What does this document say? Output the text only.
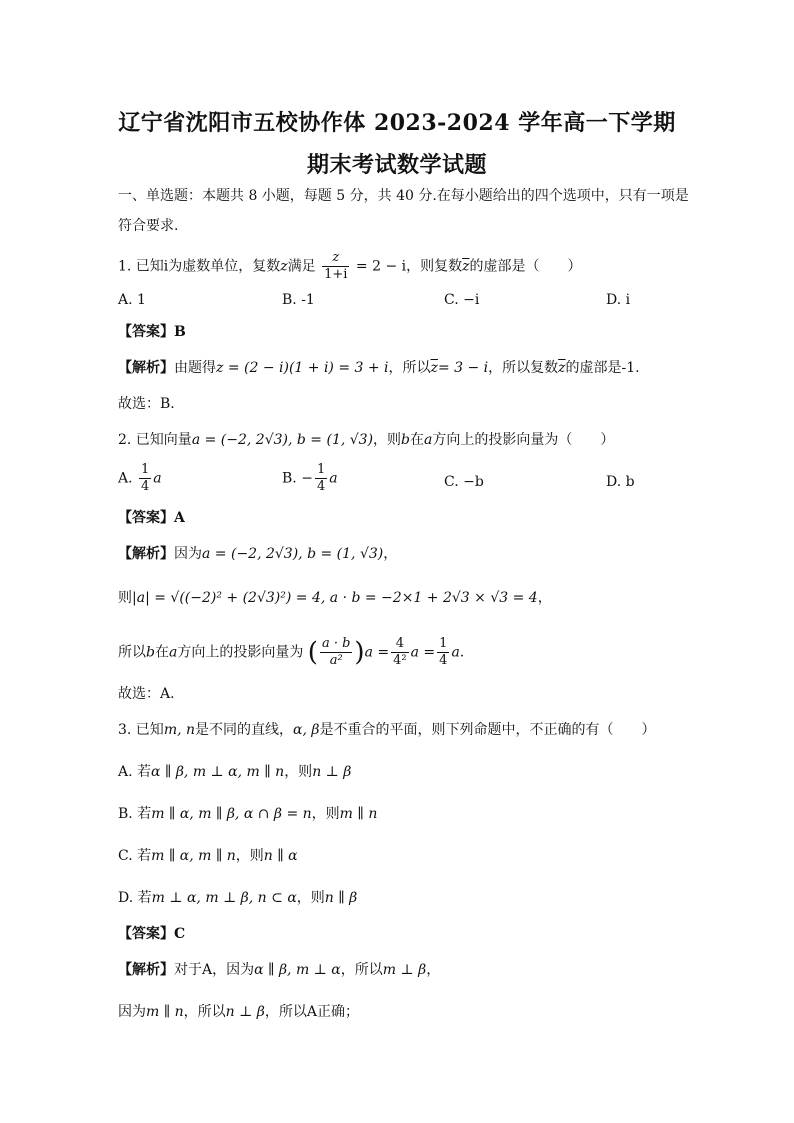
辽宁省沈阳市五校协作体 2023-2024 学年高一下学期
期末考试数学试题
一、单选题：本题共 8 小题，每题 5 分，共 40 分.在每小题给出的四个选项中，只有一项是
符合要求.
1. 已知i为虚数单位，复数z满足 $\frac{z}{1+i} = 2 - i$，则复数$\overline{z}$的虚部是（　　）
A. 1	B. -1	C. −i	D. i
【答案】B
【解析】由题得z = (2 − i)(1 + i) = 3 + i，所以$\overline{z}= 3 - i$，所以复数$\overline{z}$的虚部是-1.
故选：B.
2. 已知向量a = (−2, 2√3), b = (1, √3)，则b在a方向上的投影向量为（　　）
A. $\frac{1}{4}$ a	B. − $\frac{1}{4}$ a	C. −b	D. b
【答案】A
【解析】因为a = (−2, 2√3), b = (1, √3)，
则|a| = √((−2)² + (2√3)²) = 4, a · b = −2×1 + 2√3 × √3 = 4，
所以b在a方向上的投影向量为 ( $\frac{a \cdot b}{\text{a²}} )a = \frac{4}{\text{4²}}$ $a = \frac{1}{4} a$.
故选：A.
3. 已知m, n是不同的直线，α, β是不重合的平面，则下列命题中，不正确的有（　　）
A. 若α ∥ β, m ⊥ α, m ∥ n，则n ⊥ β
B. 若m ∥ α, m ∥ β, α ∩ β = n，则m ∥ n
C. 若m ∥ α, m ∥ n，则n ∥ α
D. 若m ⊥ α, m ⊥ β, n ⊂ α，则n ∥ β
【答案】C
【解析】对于A，因为α ∥ β, m ⊥ α，所以m ⊥ β，
因为m ∥ n，所以n ⊥ β，所以A正确；
